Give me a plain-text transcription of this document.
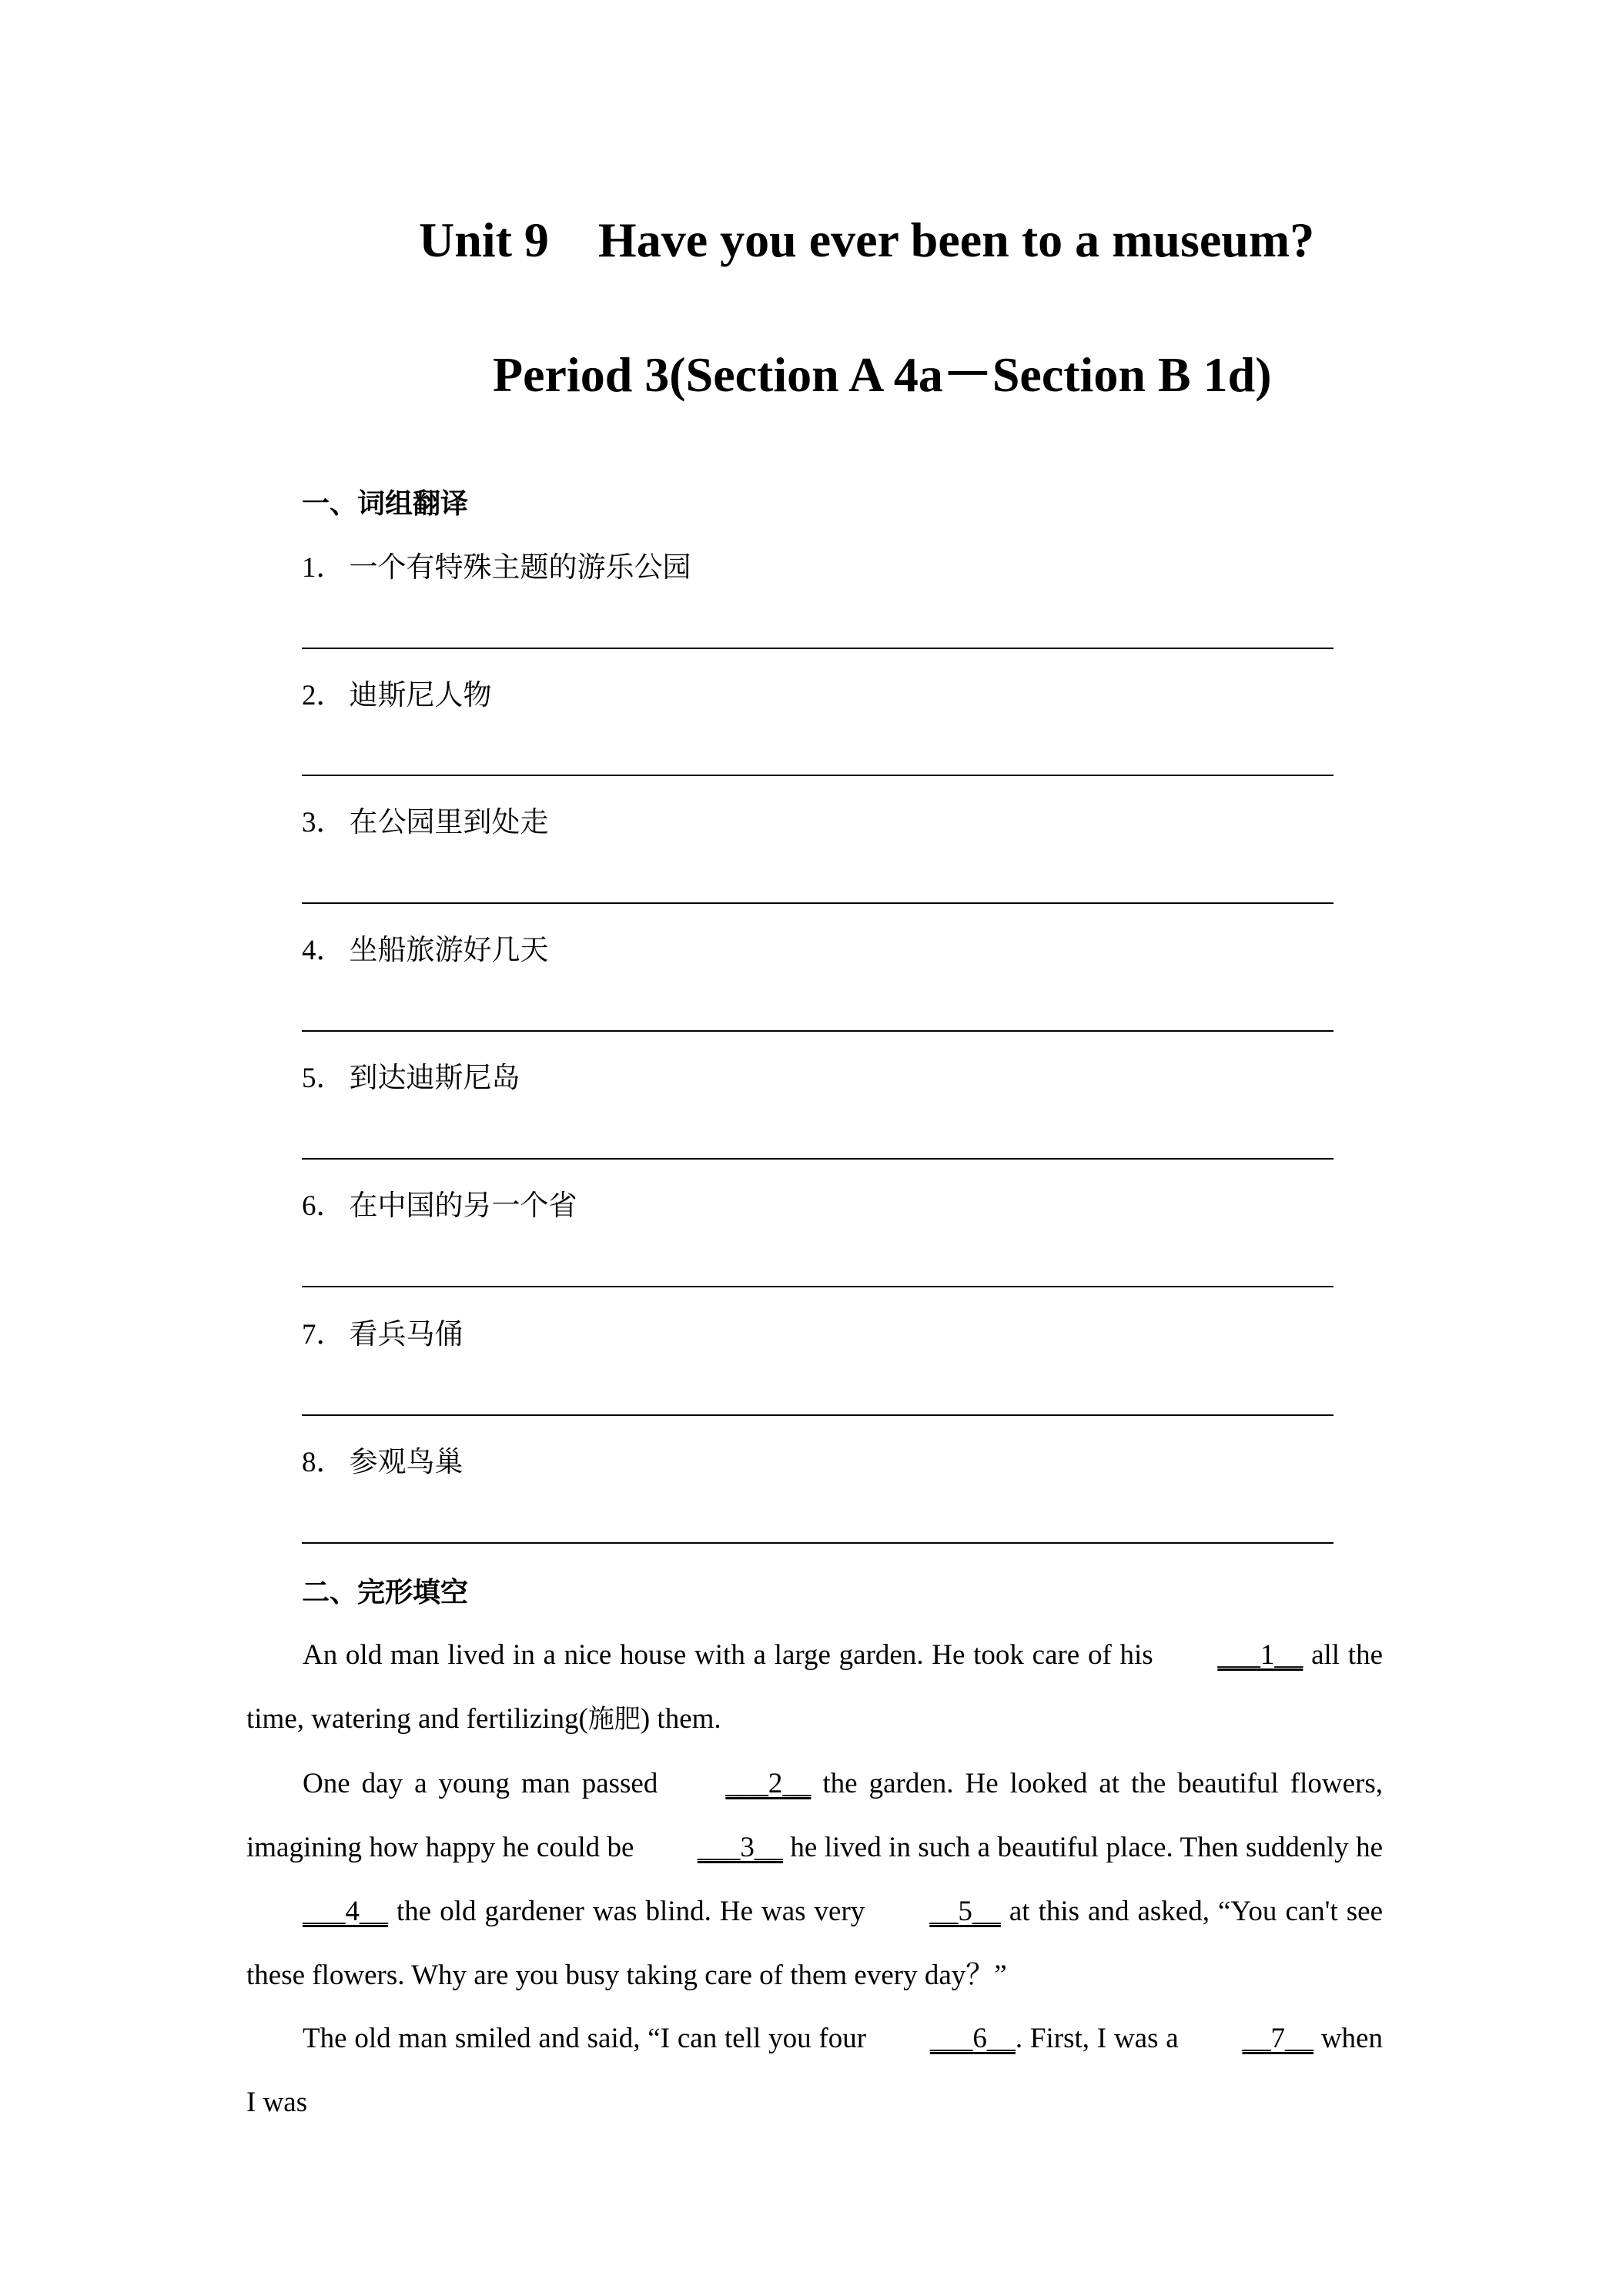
Unit 9    Have you ever been to a museum?
Period 3(Section A 4a－Section B 1d)
一、词组翻译
1． 一个有特殊主题的游乐公园
2． 迪斯尼人物
3． 在公园里到处走
4． 坐船旅游好几天
5． 到达迪斯尼岛
6． 在中国的另一个省
7． 看兵马俑
8． 参观鸟巢
二、完形填空
An old man lived in a nice house with a large garden. He took care of his ___1__ all the time, watering and fertilizing(施肥) them.
One day a young man passed ___2__ the garden. He looked at the beautiful flowers, imagining how happy he could be ___3__ he lived in such a beautiful place. Then suddenly he___4__ the old gardener was blind. He was very __5__ at this and asked, “You can't see these flowers. Why are you busy taking care of them every day？”
The old man smiled and said, “I can tell you four ___6__. First, I was a __7__ when I was
